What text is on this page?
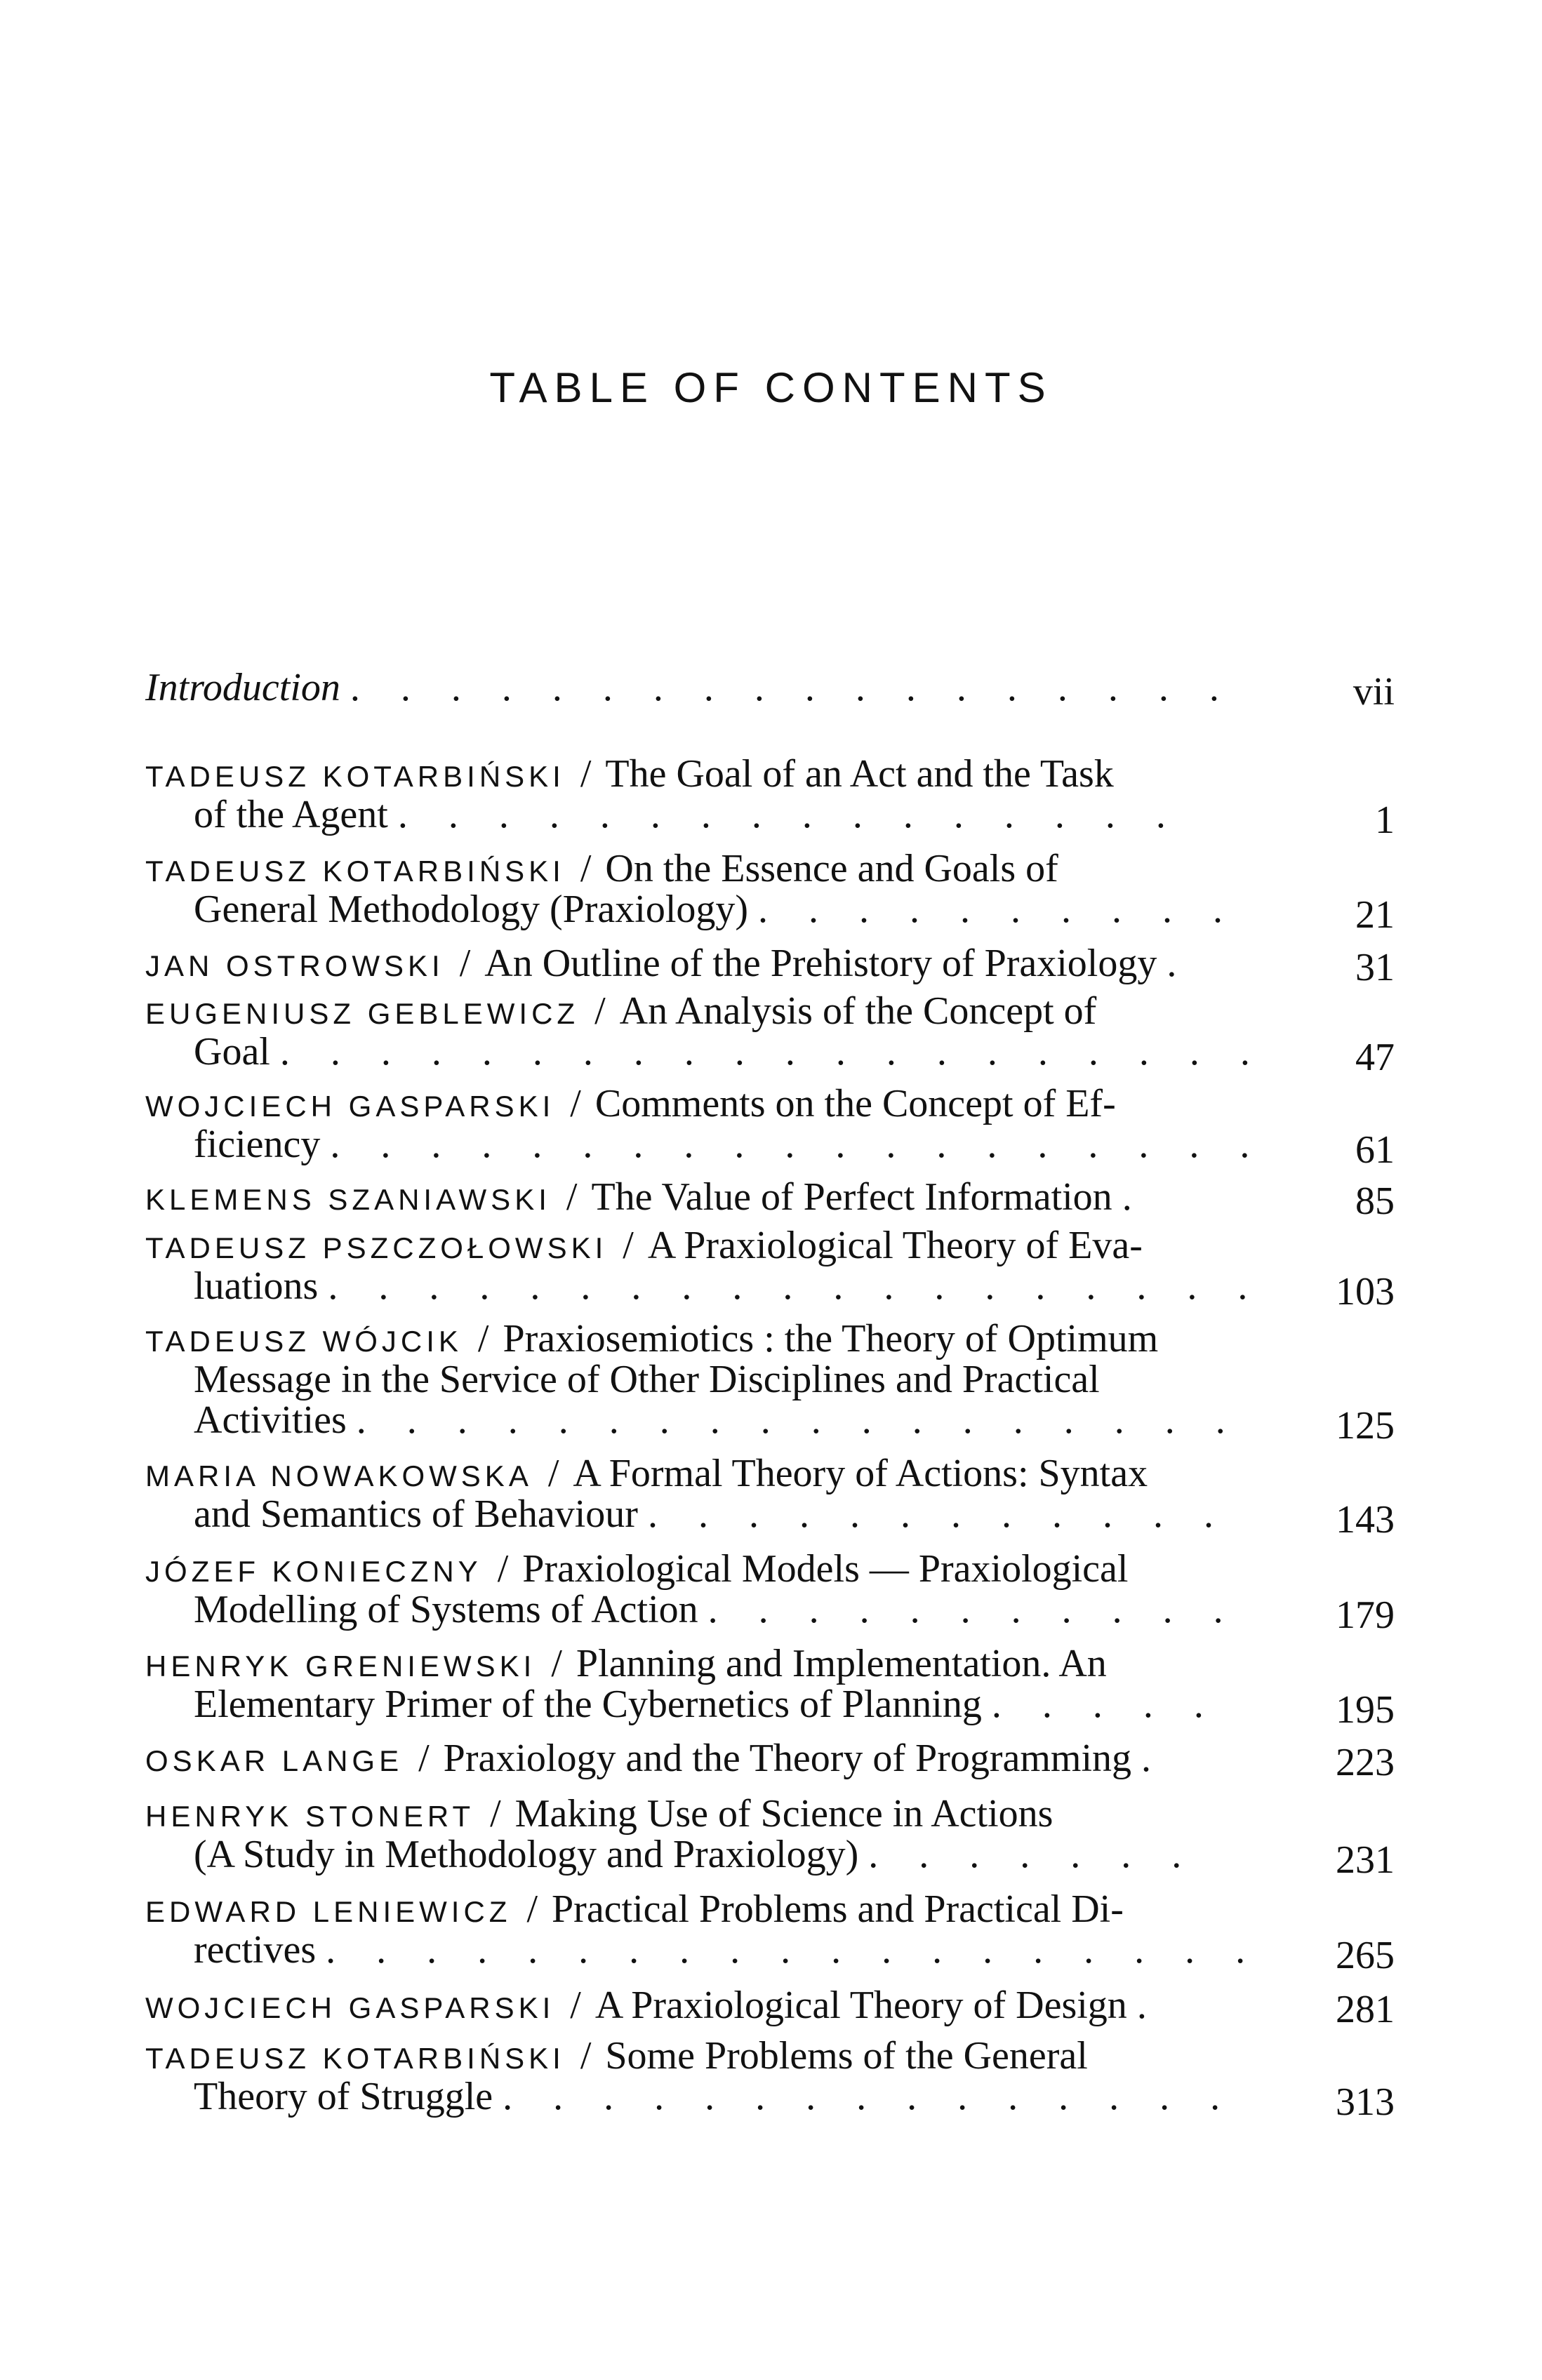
TABLE OF CONTENTS
Introduction . . . . . . . . . . . . . . . . . .	vii
TADEUSZ KOTARBIŃSKI / The Goal of an Act and the Task
of the Agent . . . . . . . . . . . . . . . .	1
TADEUSZ KOTARBIŃSKI / On the Essence and Goals of
General Methodology (Praxiology) . . . . . . . . . .	21
JAN OSTROWSKI / An Outline of the Prehistory of Praxiology .	31
EUGENIUSZ GEBLEWICZ / An Analysis of the Concept of
Goal . . . . . . . . . . . . . . . . . . . . 47
WOJCIECH GASPARSKI / Comments on the Concept of Ef-
ficiency . . . . . . . . . . . . . . . . . . . 61
KLEMENS SZANIAWSKI / The Value of Perfect Information .	85
TADEUSZ PSZCZOŁOWSKI / A Praxiological Theory of Eva-
luations . . . . . . . . . . . . . . . . . . . 103
TADEUSZ WÓJCIK / Praxiosemiotics : the Theory of Optimum
Message in the Service of Other Disciplines and Practical
Activities . . . . . . . . . . . . . . . . . . 125
MARIA NOWAKOWSKA / A Formal Theory of Actions: Syntax
and Semantics of Behaviour . . . . . . . . . . . .	143
JÓZEF KONIECZNY / Praxiological Models — Praxiological
Modelling of Systems of Action . . . . . . . . . . . 179
HENRYK GRENIEWSKI / Planning and Implementation. An
Elementary Primer of the Cybernetics of Planning . . . . .	195
OSKAR LANGE / Praxiology and the Theory of Programming .	223
HENRYK STONERT / Making Use of Science in Actions
(A Study in Methodology and Praxiology) . . . . . . .	231
EDWARD LENIEWICZ / Practical Problems and Practical Di-
rectives . . . . . . . . . . . . . . . . . . . 265
WOJCIECH GASPARSKI / A Praxiological Theory of Design .	281
TADEUSZ KOTARBIŃSKI / Some Problems of the General
Theory of Struggle . . . . . . . . . . . . . . .	313
